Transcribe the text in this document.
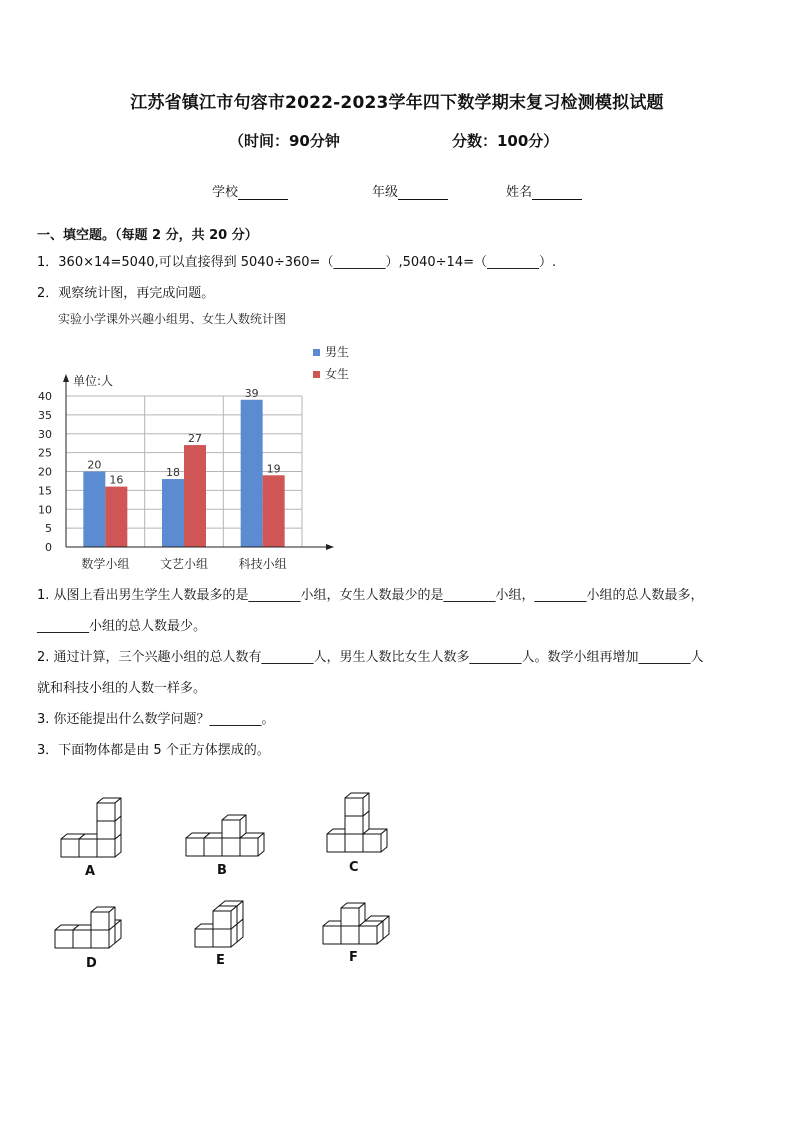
江苏省镇江市句容市2022-2023学年四下数学期末复习检测模拟试题
（时间：90分钟	分数：100分）
学校	年级	姓名
一、填空题。（每题 2 分，共 20 分）
1．360×14=5040,可以直接得到 5040÷360=（________）,5040÷14=（________）.
2．观察统计图，再完成问题。
实验小学课外兴趣小组男、女生人数统计图
单位:人
20
16
18
27
39
19
0
5
10
15
20
25
30
35
40
数学小组	文艺小组	科技小组
男生
女生
1. 从图上看出男生学生人数最多的是________小组，女生人数最少的是________小组，________小组的总人数最多，
________小组的总人数最少。
2. 通过计算，三个兴趣小组的总人数有________人，男生人数比女生人数多________人。数学小组再增加________人
就和科技小组的人数一样多。
3. 你还能提出什么数学问题？________。
3．下面物体都是由 5 个正方体摆成的。
A	B	C
D	E	F
